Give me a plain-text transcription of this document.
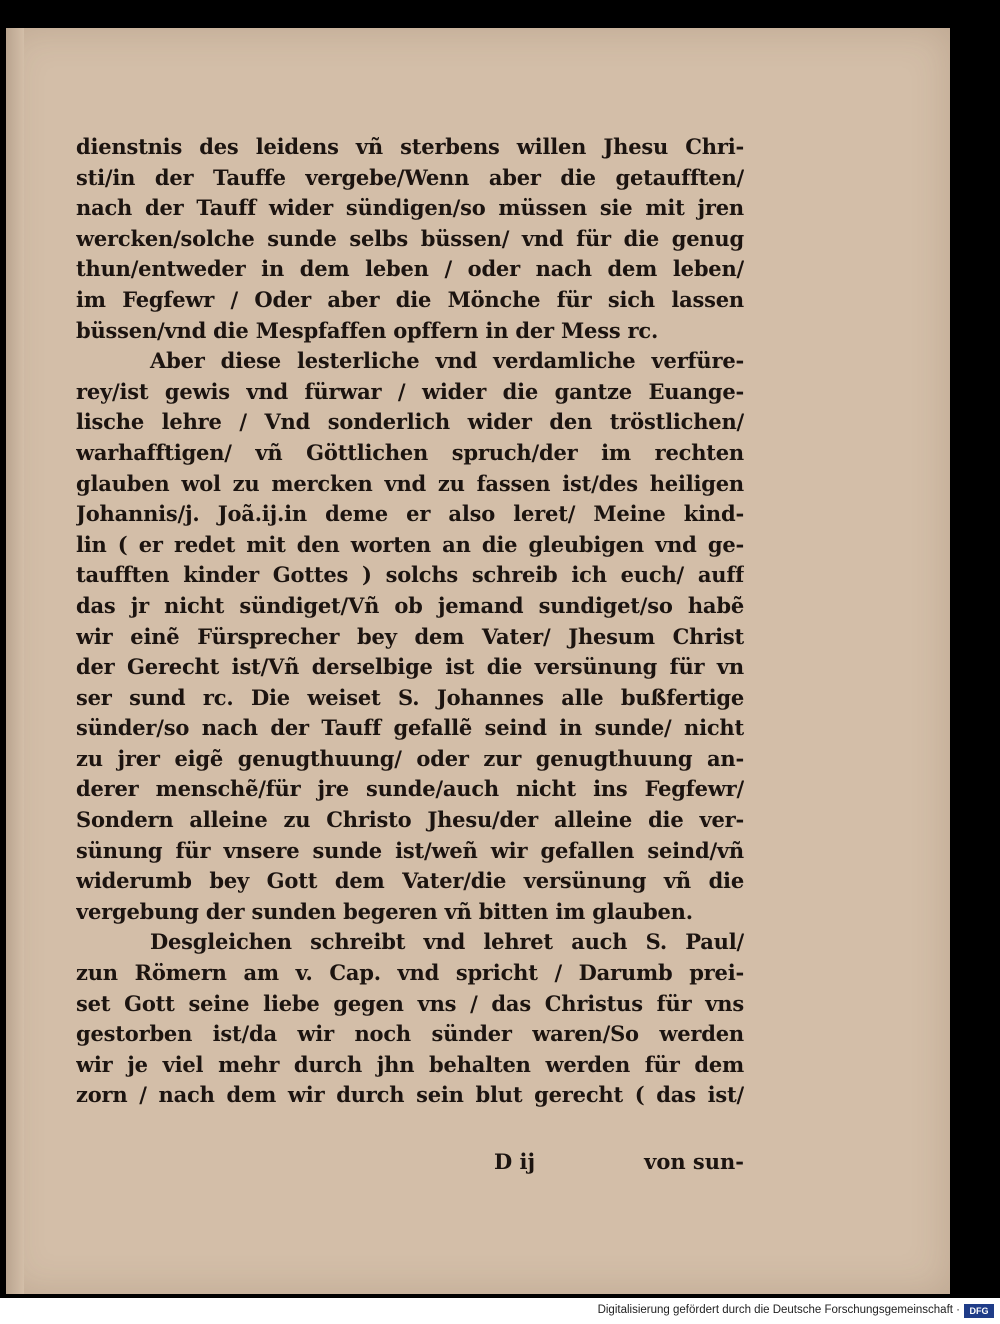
dienstnis des leidens vñ sterbens willen Jhesu Chri-
sti/in der Tauffe vergebe/Wenn aber die getaufften/
nach der Tauff wider sündigen/so müssen sie mit jren
wercken/solche sunde selbs büssen/ vnd für die genug
thun/entweder in dem leben / oder nach dem leben/
im Fegfewr / Oder aber die Mönche für sich lassen
büssen/vnd die Mespfaffen opffern in der Mess rc.
Aber diese lesterliche vnd verdamliche verfüre-
rey/ist gewis vnd fürwar / wider die gantze Euange-
lische lehre / Vnd sonderlich wider den tröstlichen/
warhafftigen/ vñ Göttlichen spruch/der im rechten
glauben wol zu mercken vnd zu fassen ist/des heiligen
Johannis/j. Joã.ij.in deme er also leret/ Meine kind-
lin ( er redet mit den worten an die gleubigen vnd ge-
taufften kinder Gottes ) solchs schreib ich euch/ auff
das jr nicht sündiget/Vñ ob jemand sundiget/so habẽ
wir einẽ Fürsprecher bey dem Vater/ Jhesum Christ
der Gerecht ist/Vñ derselbige ist die versünung für vn
ser sund rc. Die weiset S. Johannes alle bußfertige
sünder/so nach der Tauff gefallẽ seind in sunde/ nicht
zu jrer eigẽ genugthuung/ oder zur genugthuung an-
derer menschẽ/für jre sunde/auch nicht ins Fegfewr/
Sondern alleine zu Christo Jhesu/der alleine die ver-
sünung für vnsere sunde ist/weñ wir gefallen seind/vñ
widerumb bey Gott dem Vater/die versünung vñ die
vergebung der sunden begeren vñ bitten im glauben.
Desgleichen schreibt vnd lehret auch S. Paul/
zun Römern am v. Cap. vnd spricht / Darumb prei-
set Gott seine liebe gegen vns / das Christus für vns
gestorben ist/da wir noch sünder waren/So werden
wir je viel mehr durch jhn behalten werden für dem
zorn / nach dem wir durch sein blut gerecht ( das ist/
D ij	von sun-
Digitalisierung gefördert durch die Deutsche Forschungsgemeinschaft ·	DFG
